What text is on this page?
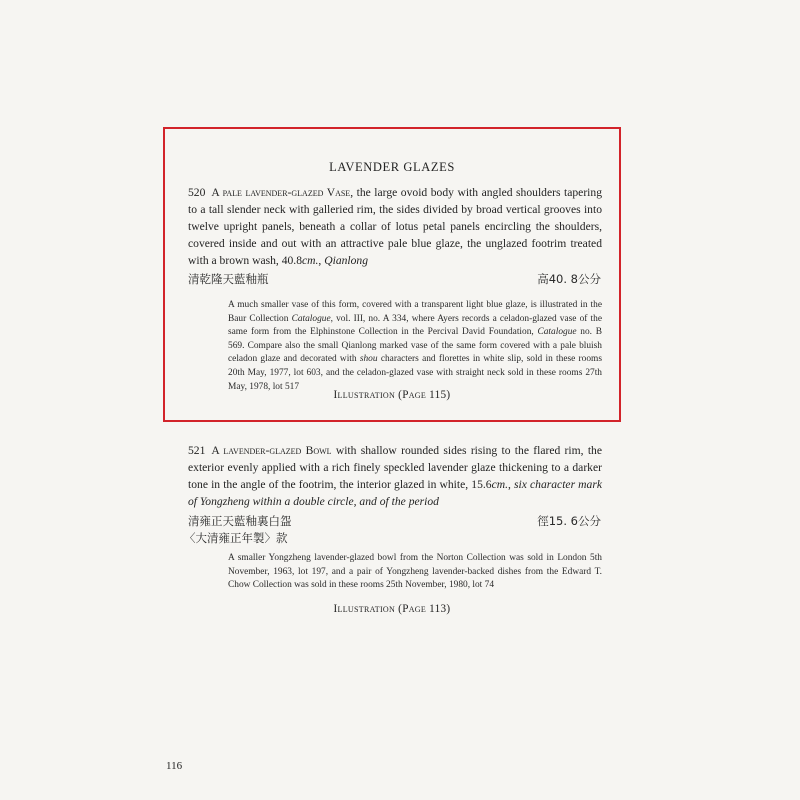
LAVENDER GLAZES
520 A pale lavender-glazed Vase, the large ovoid body with angled shoulders tapering to a tall slender neck with galleried rim, the sides divided by broad vertical grooves into twelve upright panels, beneath a collar of lotus petal panels encircling the shoulders, covered inside and out with an attractive pale blue glaze, the unglazed footrim treated with a brown wash, 40.8cm., Qianlong
清乾隆天藍釉瓶	高40. 8公分
A much smaller vase of this form, covered with a transparent light blue glaze, is illustrated in the Baur Collection Catalogue, vol. III, no. A 334, where Ayers records a celadon-glazed vase of the same form from the Elphinstone Collection in the Percival David Foundation, Catalogue no. B 569. Compare also the small Qianlong marked vase of the same form covered with a pale bluish celadon glaze and decorated with shou characters and florettes in white slip, sold in these rooms 20th May, 1977, lot 603, and the celadon-glazed vase with straight neck sold in these rooms 27th May, 1978, lot 517
Illustration (Page 115)
521 A lavender-glazed Bowl with shallow rounded sides rising to the flared rim, the exterior evenly applied with a rich finely speckled lavender glaze thickening to a darker tone in the angle of the footrim, the interior glazed in white, 15.6cm., six character mark of Yongzheng within a double circle, and of the period
清雍正天藍釉裏白盌
〈大清雍正年製〉款
徑15. 6公分
A smaller Yongzheng lavender-glazed bowl from the Norton Collection was sold in London 5th November, 1963, lot 197, and a pair of Yongzheng lavender-backed dishes from the Edward T. Chow Collection was sold in these rooms 25th November, 1980, lot 74
Illustration (Page 113)
116
